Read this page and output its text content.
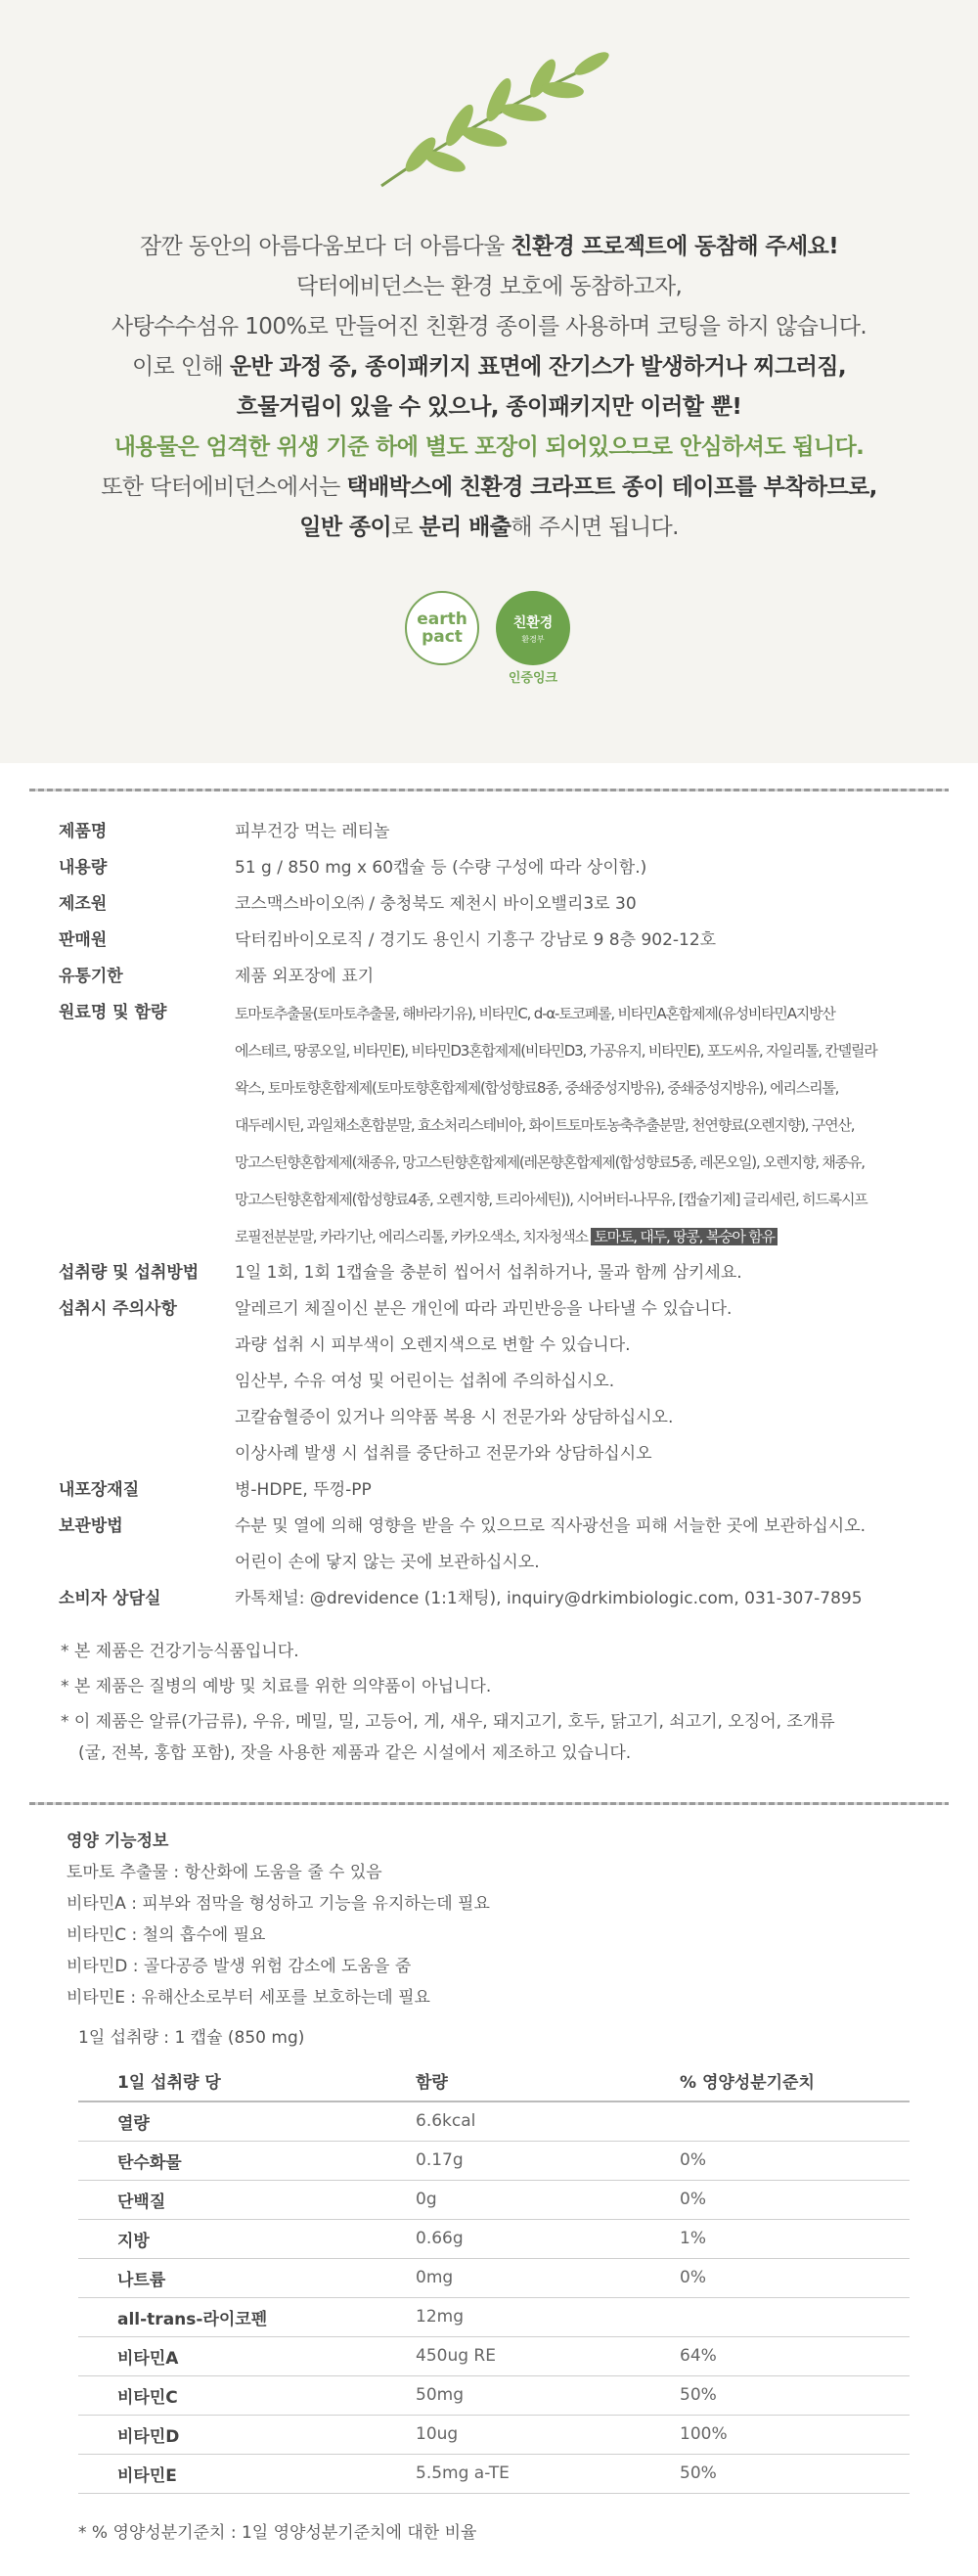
잠깐 동안의 아름다움보다 더 아름다울 친환경 프로젝트에 동참해 주세요!

닥터에비던스는 환경 보호에 동참하고자,

사탕수수섬유 100%로 만들어진 친환경 종이를 사용하며 코팅을 하지 않습니다.

이로 인해 운반 과정 중, 종이패키지 표면에 잔기스가 발생하거나 찌그러짐,

흐물거림이 있을 수 있으나, 종이패키지만 이러할 뿐!

내용물은 엄격한 위생 기준 하에 별도 포장이 되어있으므로 안심하셔도 됩니다.

또한 닥터에비던스에서는 택배박스에 친환경 크라프트 종이 테이프를 부착하므로,

일반 종이로 분리 배출해 주시면 됩니다.

earth
pact
친환경
환경부
인증잉크
제품명	피부건강 먹는 레티놀
내용량	51 g / 850 mg x 60캡슐 등 (수량 구성에 따라 상이함.)
제조원	코스맥스바이오㈜ / 충청북도 제천시 바이오밸리3로 30
판매원	닥터킴바이오로직 / 경기도 용인시 기흥구 강남로 9 8층 902-12호
유통기한	제품 외포장에 표기
원료명 및 함량	토마토추출물(토마토추출물, 해바라기유), 비타민C, d-α-토코페롤, 비타민A혼합제제(유성비타민A지방산
에스테르, 땅콩오일, 비타민E), 비타민D3혼합제제(비타민D3, 가공유지, 비타민E), 포도씨유, 자일리톨, 칸델릴라
왁스, 토마토향혼합제제(토마토향혼합제제(합성향료8종, 중쇄중성지방유), 중쇄중성지방유), 에리스리톨,
대두레시틴, 과일채소혼합분말, 효소처리스테비아, 화이트토마토농축추출분말, 천연향료(오렌지향), 구연산,
망고스틴향혼합제제(채종유, 망고스틴향혼합제제(레몬향혼합제제(합성향료5종, 레몬오일), 오렌지향, 채종유,
망고스틴향혼합제제(합성향료4종, 오렌지향, 트리아세틴)), 시어버터-나무유, [캡슐기제] 글리세린, 히드록시프
로필전분분말, 카라기난, 에리스리톨, 카카오색소, 치자청색소 토마토, 대두, 땅콩, 복숭아 함유
섭취량 및 섭취방법	1일 1회, 1회 1캡슐을 충분히 씹어서 섭취하거나, 물과 함께 삼키세요.
섭취시 주의사항	알레르기 체질이신 분은 개인에 따라 과민반응을 나타낼 수 있습니다.
과량 섭취 시 피부색이 오렌지색으로 변할 수 있습니다.
임산부, 수유 여성 및 어린이는 섭취에 주의하십시오.
고칼슘혈증이 있거나 의약품 복용 시 전문가와 상담하십시오.
이상사례 발생 시 섭취를 중단하고 전문가와 상담하십시오
내포장재질	병-HDPE, 뚜껑-PP
보관방법	수분 및 열에 의해 영향을 받을 수 있으므로 직사광선을 피해 서늘한 곳에 보관하십시오.
어린이 손에 닿지 않는 곳에 보관하십시오.
소비자 상담실	카톡채널: @drevidence (1:1채팅), inquiry@drkimbiologic.com, 031-307-7895

* 본 제품은 건강기능식품입니다.

* 본 제품은 질병의 예방 및 치료를 위한 의약품이 아닙니다.

* 이 제품은 알류(가금류), 우유, 메밀, 밀, 고등어, 게, 새우, 돼지고기, 호두, 닭고기, 쇠고기, 오징어, 조개류

(굴, 전복, 홍합 포함), 잣을 사용한 제품과 같은 시설에서 제조하고 있습니다.

영양 기능정보
토마토 추출물 : 항산화에 도움을 줄 수 있음
비타민A : 피부와 점막을 형성하고 기능을 유지하는데 필요
비타민C : 철의 흡수에 필요
비타민D : 골다공증 발생 위험 감소에 도움을 줌
비타민E : 유해산소로부터 세포를 보호하는데 필요
1일 섭취량 : 1 캡슐 (850 mg)
1일 섭취량 당	함량	% 영양성분기준치
열량	6.6kcal	
탄수화물	0.17g	0%
단백질	0g	0%
지방	0.66g	1%
나트륨	0mg	0%
all-trans-라이코펜	12mg	
비타민A	450ug RE	64%
비타민C	50mg	50%
비타민D	10ug	100%
비타민E	5.5mg a-TE	50%
* % 영양성분기준치 : 1일 영양성분기준치에 대한 비율
